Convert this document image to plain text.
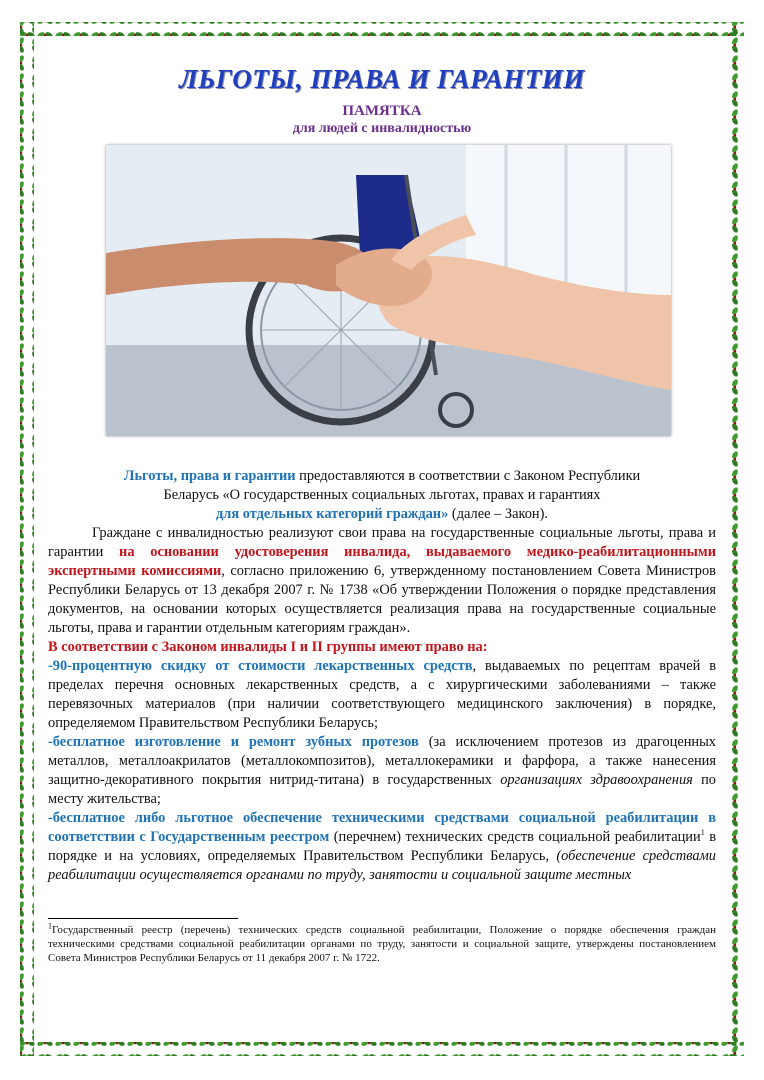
ЛЬГОТЫ, ПРАВА И ГАРАНТИИ
ПАМЯТКА
для людей с инвалидностью
Льготы, права и гарантии предоставляются в соответствии с Законом Республики
Беларусь «О государственных социальных льготах, правах и гарантиях
для отдельных категорий граждан» (далее – Закон).

Граждане с инвалидностью реализуют свои права на государственные социальные льготы, права и гарантии на основании удостоверения инвалида, выдаваемого медико-реабилитационными экспертными комиссиями, согласно приложению 6, утвержденному постановлением Совета Министров Республики Беларусь от 13 декабря 2007 г. № 1738 «Об утверждении Положения о порядке представления документов, на основании которых осуществляется реализация права на государственные социальные льготы, права и гарантии отдельным категориям граждан».

В соответствии с Законом инвалиды I и II группы имеют право на:

-90-процентную скидку от стоимости лекарственных средств, выдаваемых по рецептам врачей в пределах перечня основных лекарственных средств, а с хирургическими заболеваниями – также перевязочных материалов (при наличии соответствующего медицинского заключения) в порядке, определяемом Правительством Республики Беларусь;

-бесплатное изготовление и ремонт зубных протезов (за исключением протезов из драгоценных металлов, металлоакрилатов (металлокомпозитов), металлокерамики и фарфора, а также нанесения защитно-декоративного покрытия нитрид-титана) в государственных организациях здравоохранения по месту жительства;

-бесплатное либо льготное обеспечение техническими средствами социальной реабилитации в соответствии с Государственным реестром (перечнем) технических средств социальной реабилитации$^1$ в порядке и на условиях, определяемых Правительством Республики Беларусь, (обеспечение средствами реабилитации осуществляется органами по труду, занятости и социальной защите местных

$^1$Государственный реестр (перечень) технических средств социальной реабилитации, Положение о порядке обеспечения граждан техническими средствами социальной реабилитации органами по труду, занятости и социальной защите, утверждены постановлением Совета Министров Республики Беларусь от 11 декабря 2007 г. № 1722.
